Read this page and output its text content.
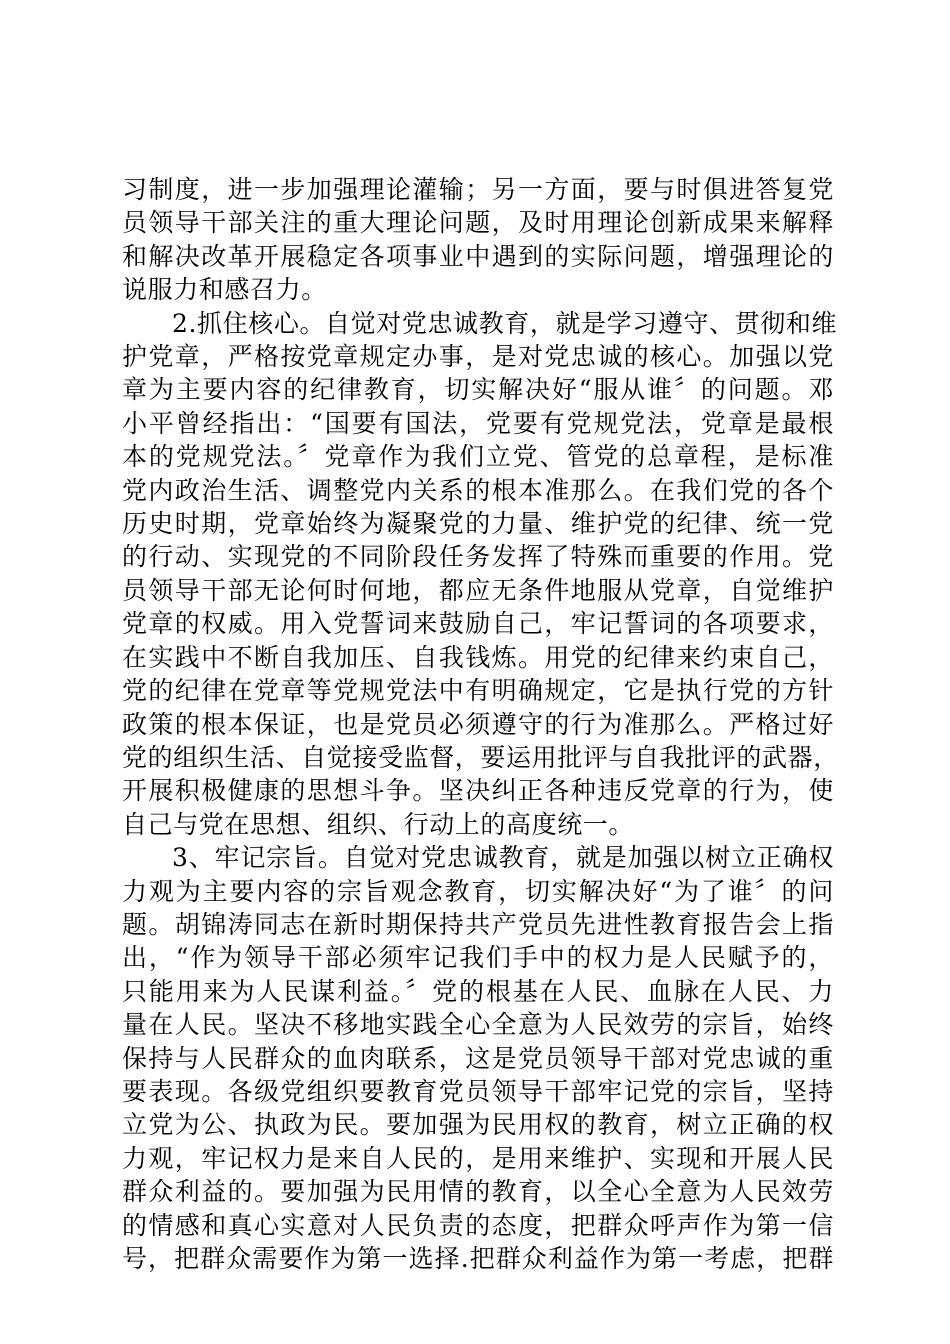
习制度，进一步加强理论灌输；另一方面，要与时俱进答复党
员领导干部关注的重大理论问题，及时用理论创新成果来解释
和解决改革开展稳定各项事业中遇到的实际问题，增强理论的
说服力和感召力。
2.抓住核心。自觉对党忠诚教育，就是学习遵守、贯彻和维
护党章，严格按党章规定办事，是对党忠诚的核心。加强以党
章为主要内容的纪律教育，切实解决好“服从谁〞的问题。邓
小平曾经指出：“国要有国法，党要有党规党法，党章是最根
本的党规党法。〞党章作为我们立党、管党的总章程，是标准
党内政治生活、调整党内关系的根本准那么。在我们党的各个
历史时期，党章始终为凝聚党的力量、维护党的纪律、统一党
的行动、实现党的不同阶段任务发挥了特殊而重要的作用。党
员领导干部无论何时何地，都应无条件地服从党章，自觉维护
党章的权威。用入党誓词来鼓励自己，牢记誓词的各项要求，
在实践中不断自我加压、自我钱炼。用党的纪律来约束自己，
党的纪律在党章等党规党法中有明确规定，它是执行党的方针
政策的根本保证，也是党员必须遵守的行为准那么。严格过好
党的组织生活、自觉接受监督，要运用批评与自我批评的武器，
开展积极健康的思想斗争。坚决纠正各种违反党章的行为，使
自己与党在思想、组织、行动上的高度统一。
3、牢记宗旨。自觉对党忠诚教育，就是加强以树立正确权
力观为主要内容的宗旨观念教育，切实解决好“为了谁〞的问
题。胡锦涛同志在新时期保持共产党员先进性教育报告会上指
出，“作为领导干部必须牢记我们手中的权力是人民赋予的，
只能用来为人民谋利益。〞党的根基在人民、血脉在人民、力
量在人民。坚决不移地实践全心全意为人民效劳的宗旨，始终
保持与人民群众的血肉联系，这是党员领导干部对党忠诚的重
要表现。各级党组织要教育党员领导干部牢记党的宗旨，坚持
立党为公、执政为民。要加强为民用权的教育，树立正确的权
力观，牢记权力是来自人民的，是用来维护、实现和开展人民
群众利益的。要加强为民用情的教育，以全心全意为人民效劳
的情感和真心实意对人民负责的态度，把群众呼声作为第一信
号，把群众需要作为第一选择.把群众利益作为第一考虑，把群
